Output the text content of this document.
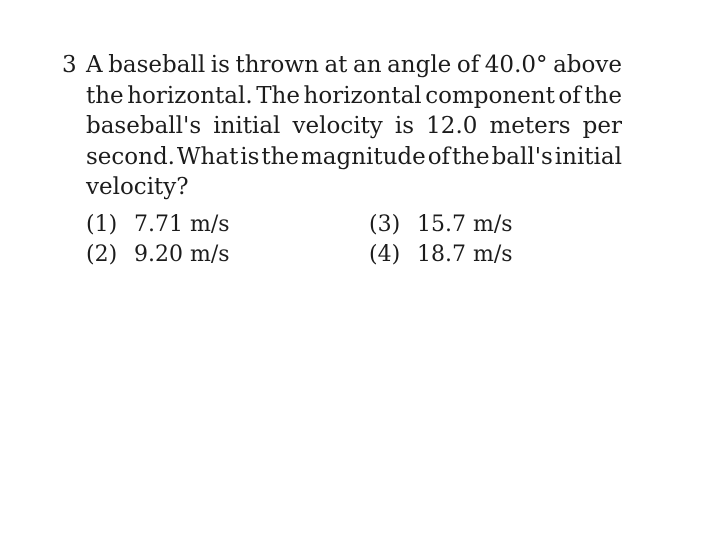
3 A baseball is thrown at an angle of 40.0° above
the horizontal. The horizontal component of the
baseball's initial velocity is 12.0 meters per
second. What is the magnitude of the ball's initial
velocity?
(1) 7.71 m/s	(3) 15.7 m/s
(2) 9.20 m/s	(4) 18.7 m/s
